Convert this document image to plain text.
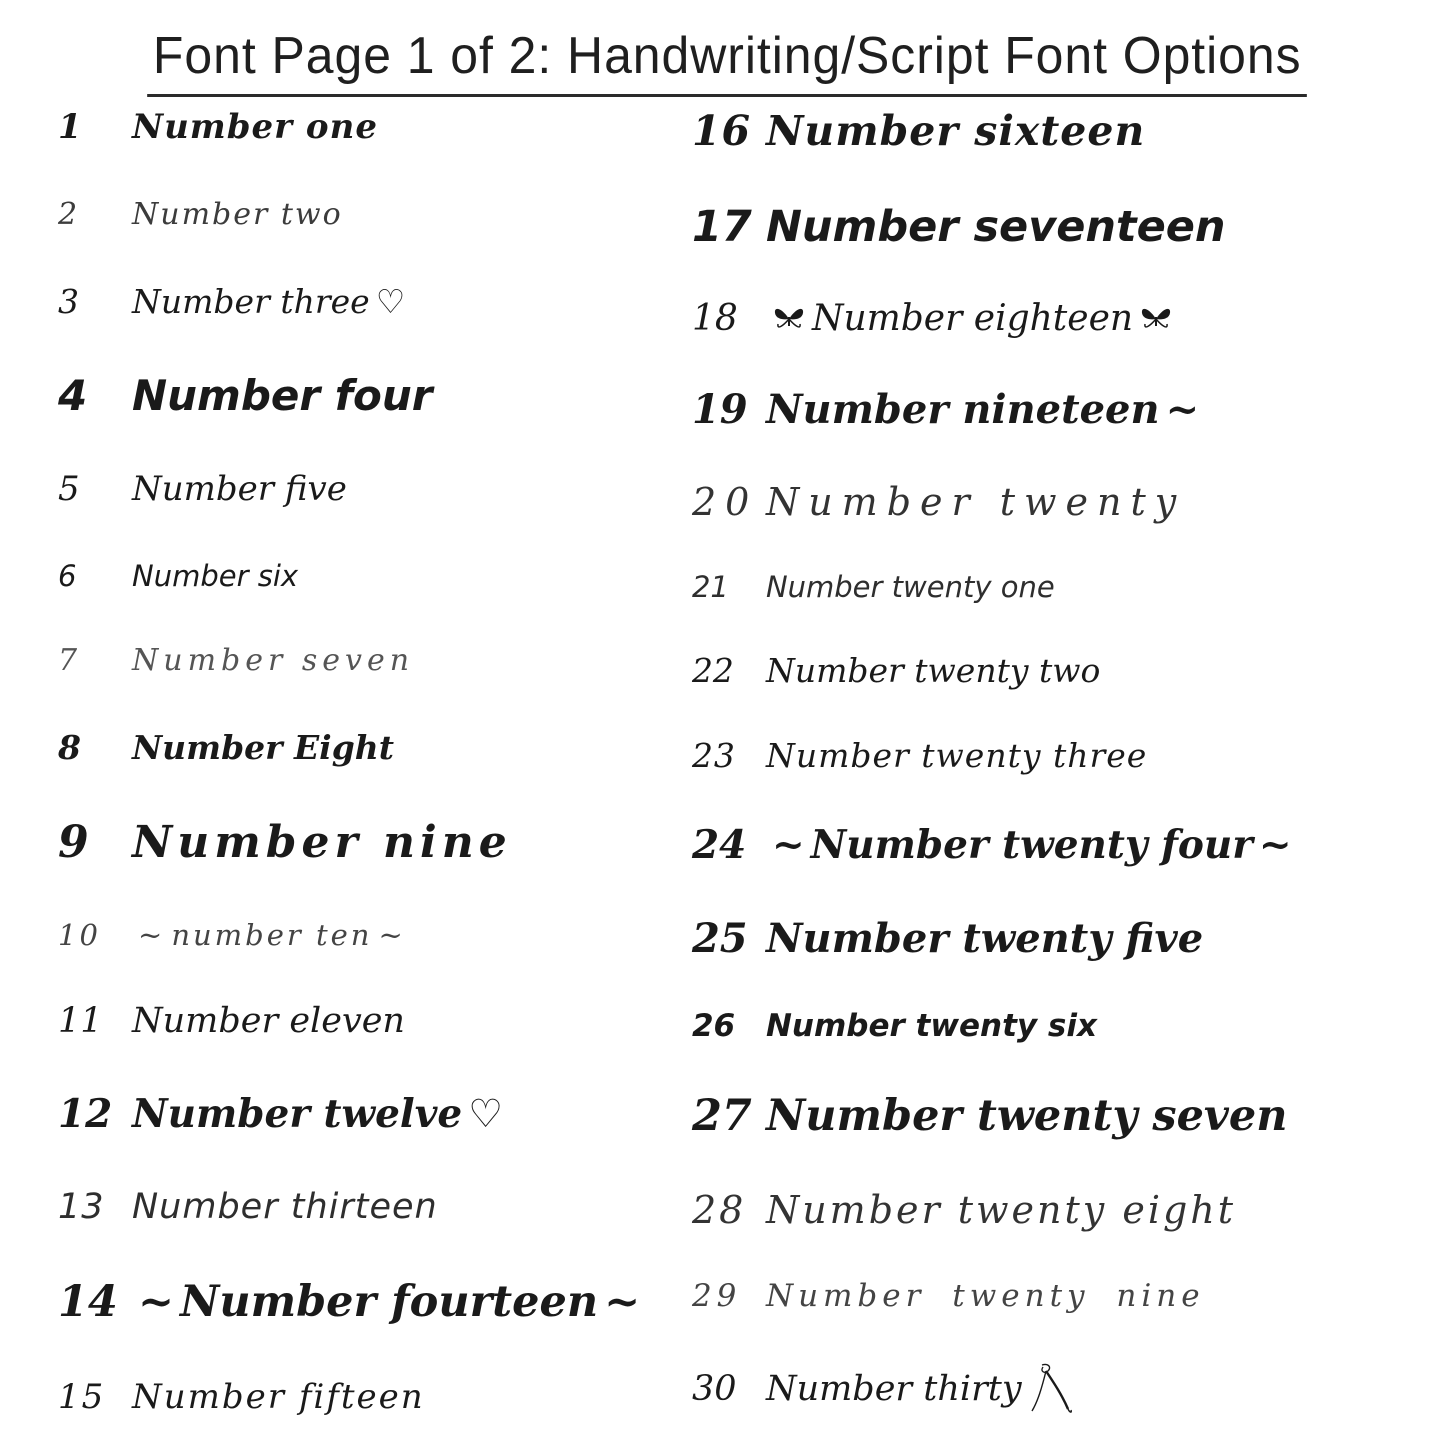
Font Page 1 of 2: Handwriting/Script Font Options
1	Number one
2	Number two
3	Number three ♡
4	Number four
5	Number five
6	Number six
7	Number seven
8	Number Eight
9 Number nine
10	~ number ten ~
11 Number eleven
12 Number twelve ♡
13 Number thirteen
14 ~ Number fourteen ~
15 Number fifteen
16 Number sixteen
17 Number seventeen
18	Number eighteen
19 Number nineteen ~
20 Number twenty
21	Number twenty one
22 Number twenty two
23 Number twenty three
24 ~ Number twenty four ~
25 Number twenty five
26 Number twenty six
27 Number twenty seven
28 Number twenty eight
29 Number twenty nine
30 Number thirty
